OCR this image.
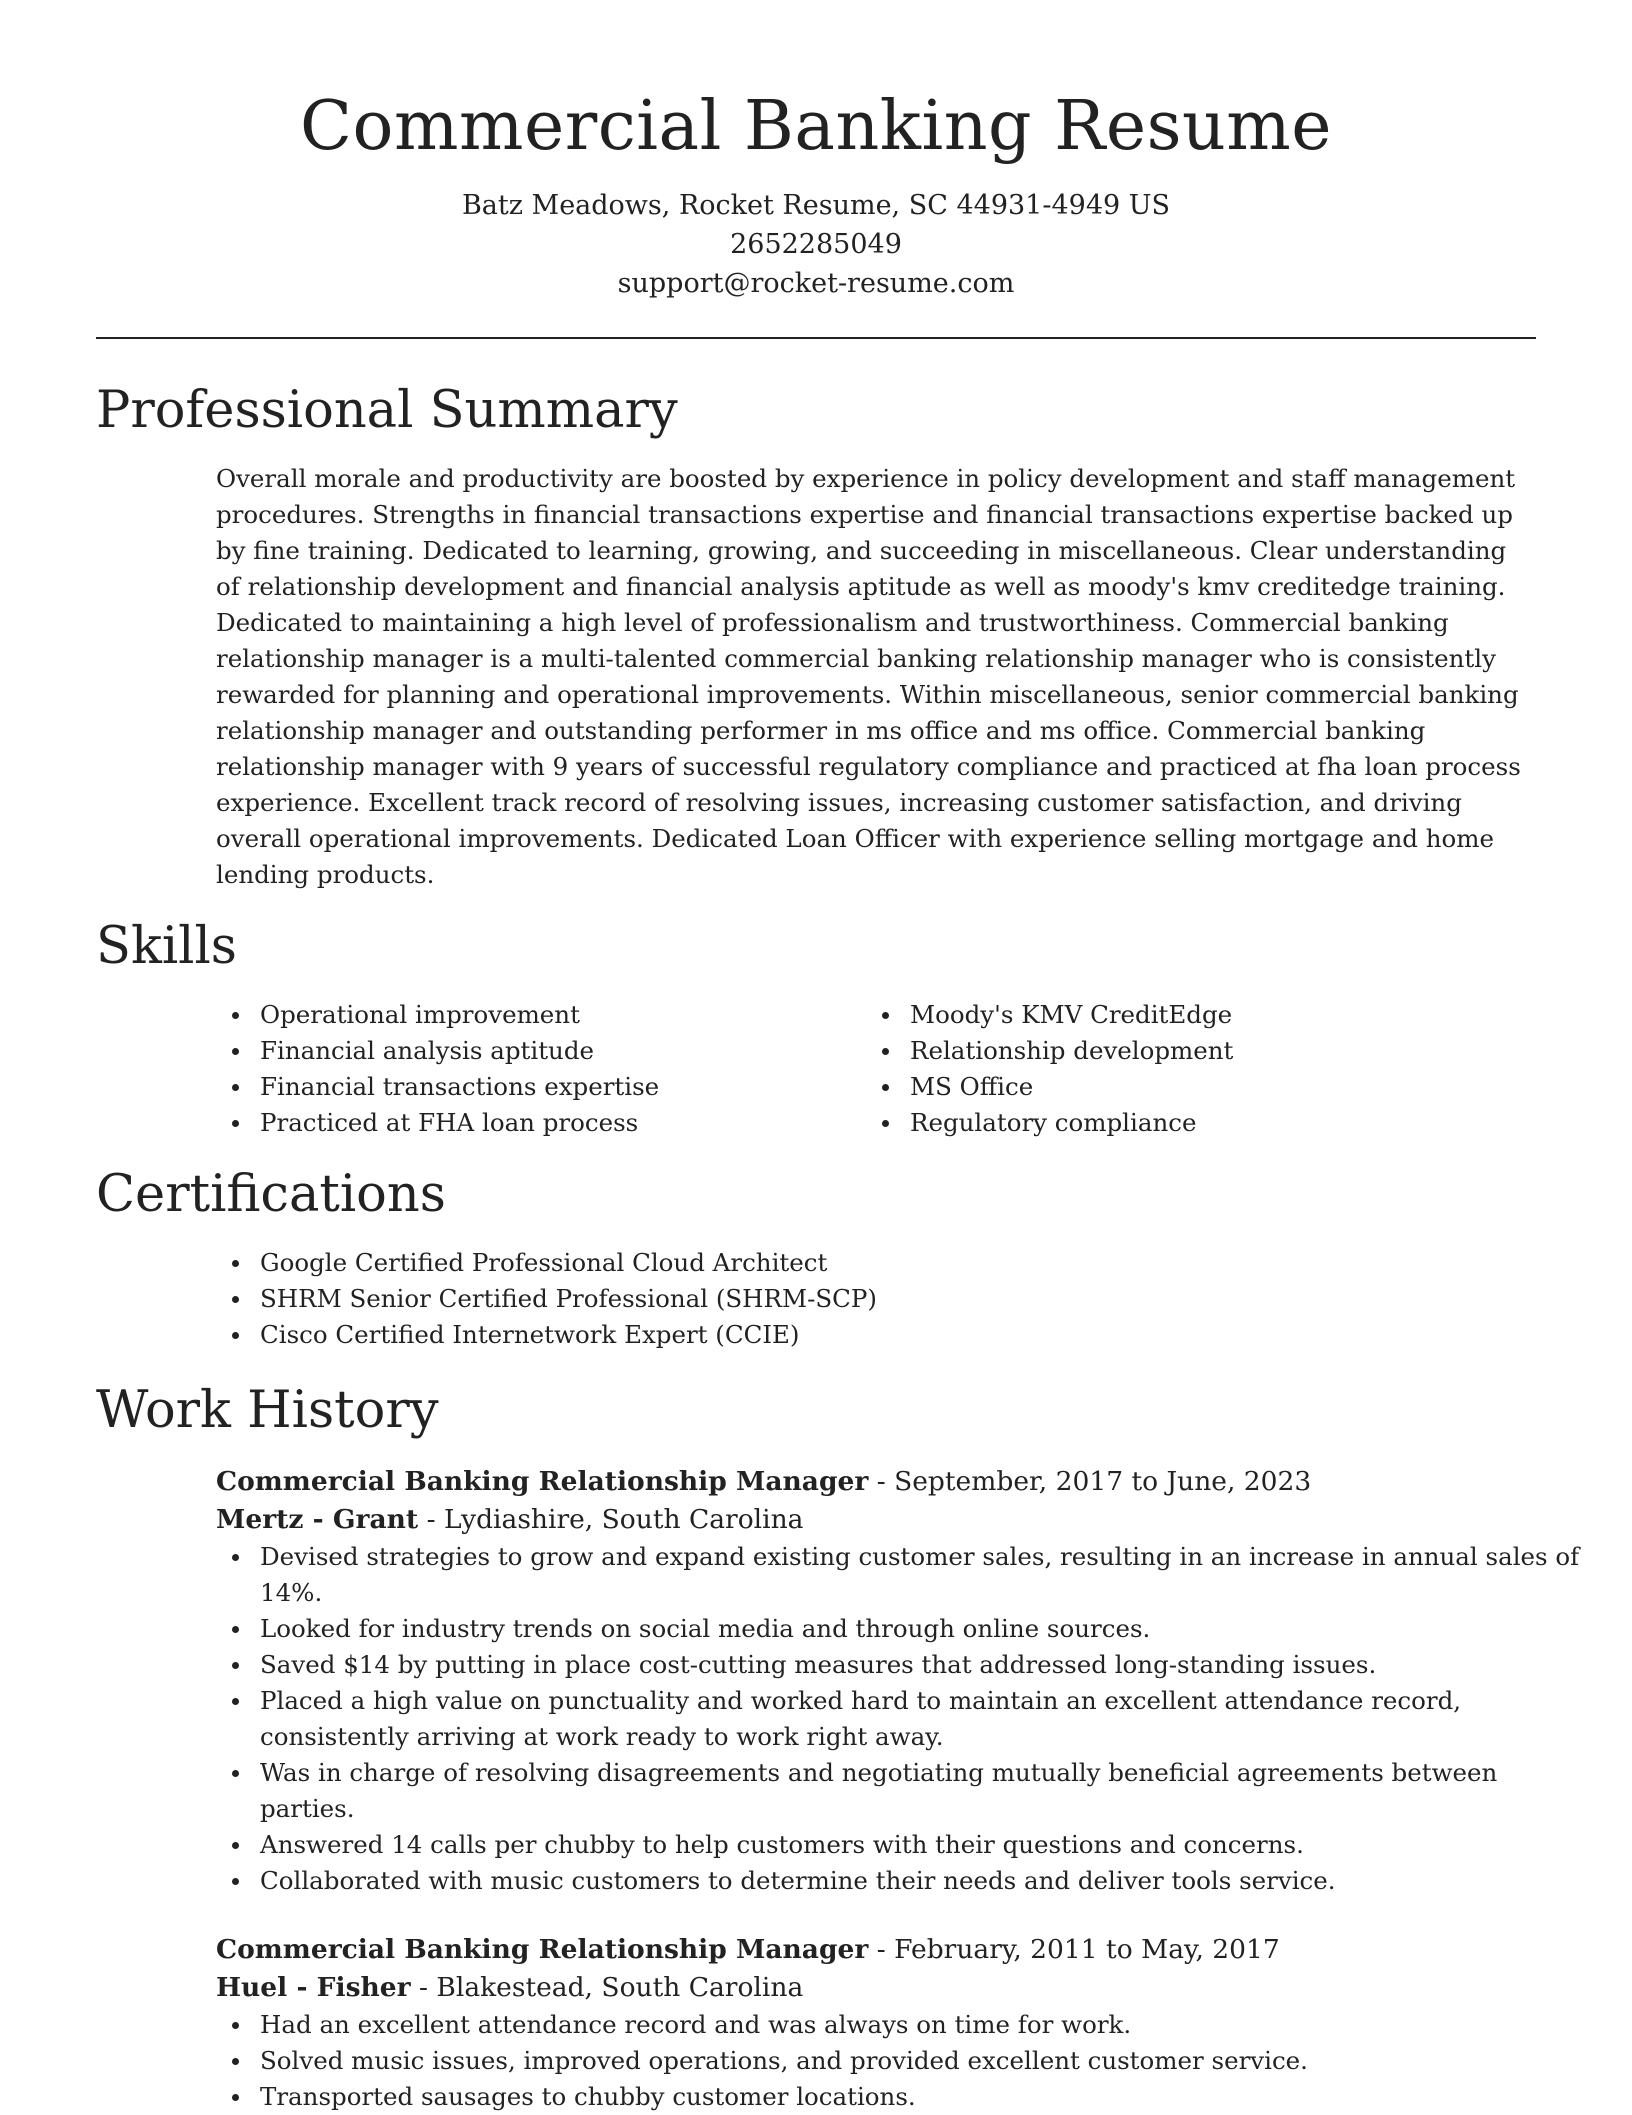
Commercial Banking Resume
Batz Meadows, Rocket Resume, SC 44931-4949 US
2652285049
support@rocket-resume.com
Professional Summary

Overall morale and productivity are boosted by experience in policy development and staff management procedures. Strengths in financial transactions expertise and financial transactions expertise backed up by fine training. Dedicated to learning, growing, and succeeding in miscellaneous. Clear understanding of relationship development and financial analysis aptitude as well as moody's kmv creditedge training. Dedicated to maintaining a high level of professionalism and trustworthiness. Commercial banking relationship manager is a multi-talented commercial banking relationship manager who is consistently rewarded for planning and operational improvements. Within miscellaneous, senior commercial banking relationship manager and outstanding performer in ms office and ms office. Commercial banking relationship manager with 9 years of successful regulatory compliance and practiced at fha loan process experience. Excellent track record of resolving issues, increasing customer satisfaction, and driving overall operational improvements. Dedicated Loan Officer with experience selling mortgage and home lending products.

Skills
Operational improvement
Financial analysis aptitude
Financial transactions expertise
Practiced at FHA loan process
Moody's KMV CreditEdge
Relationship development
MS Office
Regulatory compliance
Certifications
Google Certified Professional Cloud Architect
SHRM Senior Certified Professional (SHRM-SCP)
Cisco Certified Internetwork Expert (CCIE)
Work History
Commercial Banking Relationship Manager - September, 2017 to June, 2023
Mertz - Grant - Lydiashire, South Carolina
Devised strategies to grow and expand existing customer sales, resulting in an increase in annual sales of 14%.
Looked for industry trends on social media and through online sources.
Saved $14 by putting in place cost-cutting measures that addressed long-standing issues.
Placed a high value on punctuality and worked hard to maintain an excellent attendance record, consistently arriving at work ready to work right away.
Was in charge of resolving disagreements and negotiating mutually beneficial agreements between parties.
Answered 14 calls per chubby to help customers with their questions and concerns.
Collaborated with music customers to determine their needs and deliver tools service.
Commercial Banking Relationship Manager - February, 2011 to May, 2017
Huel - Fisher - Blakestead, South Carolina
Had an excellent attendance record and was always on time for work.
Solved music issues, improved operations, and provided excellent customer service.
Transported sausages to chubby customer locations.
